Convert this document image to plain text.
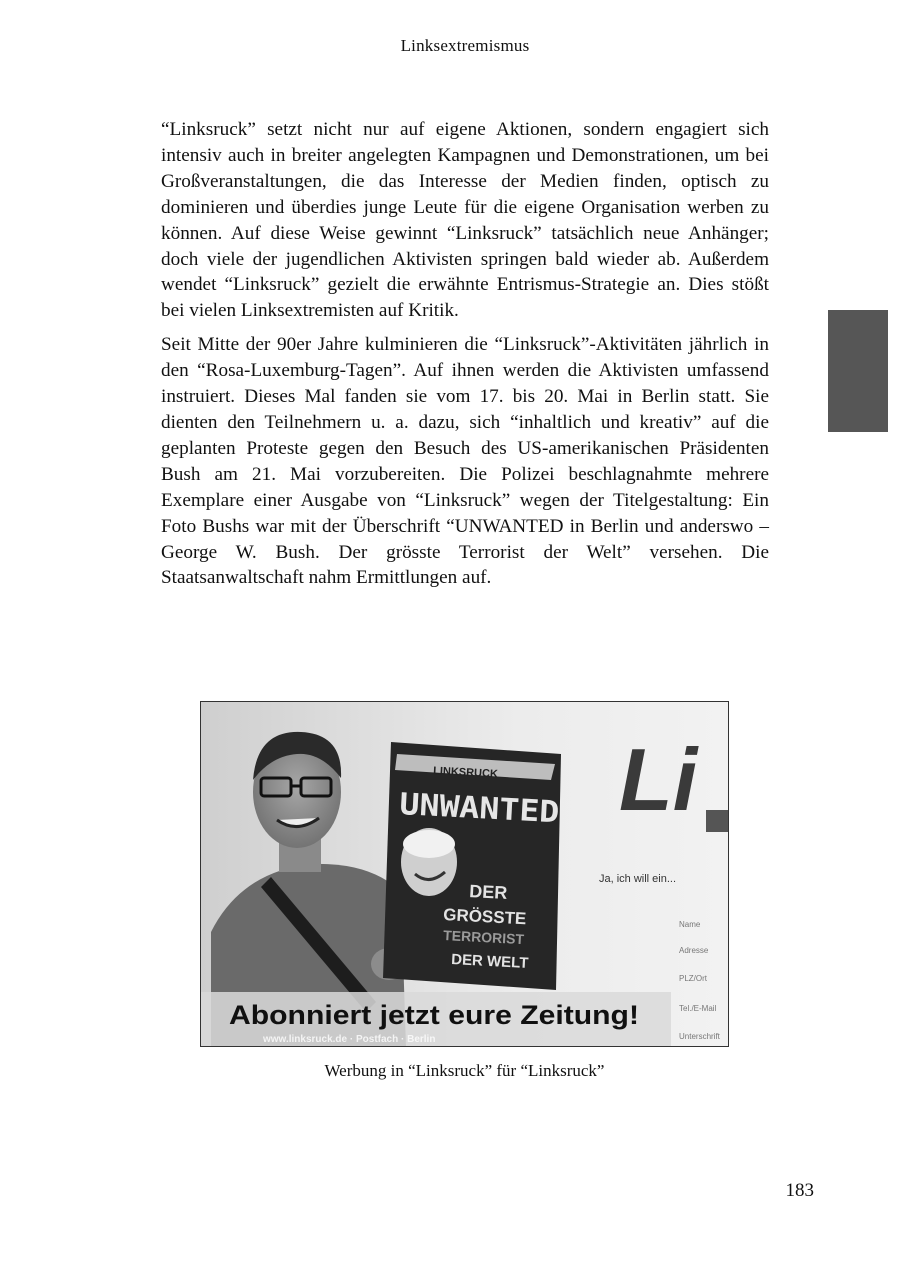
Linksextremismus

“Linksruck” setzt nicht nur auf eigene Aktionen, sondern engagiert sich intensiv auch in breiter angelegten Kampagnen und Demonstrationen, um bei Großveranstaltungen, die das Interesse der Medien finden, optisch zu dominieren und überdies junge Leute für die eigene Organisation werben zu können. Auf diese Weise gewinnt “Linksruck” tatsächlich neue Anhänger; doch viele der jugendlichen Aktivisten springen bald wieder ab. Außerdem wendet “Linksruck” gezielt die erwähnte Entrismus-Strategie an. Dies stößt bei vielen Linksextremisten auf Kritik.

Seit Mitte der 90er Jahre kulminieren die “Linksruck”-Aktivitäten jährlich in den “Rosa-Luxemburg-Tagen”. Auf ihnen werden die Aktivisten umfassend instruiert. Dieses Mal fanden sie vom 17. bis 20. Mai in Berlin statt. Sie dienten den Teilnehmern u. a. dazu, sich “inhaltlich und kreativ” auf die geplanten Proteste gegen den Besuch des US-amerikanischen Präsidenten Bush am 21. Mai vorzubereiten. Die Polizei beschlagnahmte mehrere Exemplare einer Ausgabe von “Linksruck” wegen der Titelgestaltung: Ein Foto Bushs war mit der Überschrift “UNWANTED in Berlin und anderswo – George W. Bush. Der grösste Terrorist der Welt” versehen. Die Staatsanwaltschaft nahm Ermittlungen auf.

Li
Ja, ich will ein...
Name
Adresse
PLZ/Ort
Tel./E-Mail
Unterschrift
LINKSRUCK
UNWANTED
DER
GRÖSSTE
TERRORIST
DER WELT
Abonniert jetzt eure Zeitung!
www.linksruck.de · Postfach · Berlin
Werbung in “Linksruck” für “Linksruck”
183
